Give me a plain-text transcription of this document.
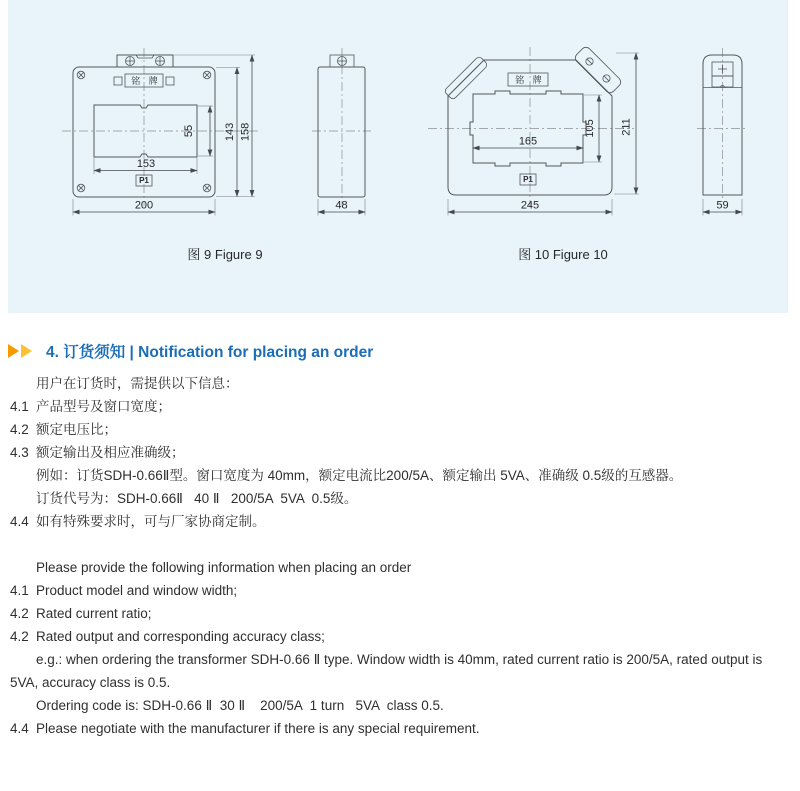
铭 牌
P1
153
55	143 158
200	48
铭 牌
P1
165
105 211
245	59
图 9 Figure 9	图 10 Figure 10
4. 订货须知 | Notification for placing an order
用户在订货时，需提供以下信息：
4.1 产品型号及窗口宽度；
4.2 额定电压比；
4.3 额定输出及相应准确级；
例如：订货SDH-0.66Ⅱ型。窗口宽度为 40mm，额定电流比200/5A、额定输出 5VA、准确级 0.5级的互感器。
订货代号为：SDH-0.66Ⅱ   40 Ⅱ   200/5A  5VA  0.5级。
4.4 如有特殊要求时，可与厂家协商定制。
Please provide the following information when placing an order
4.1 Product model and window width;
4.2 Rated current ratio;
4.2 Rated output and corresponding accuracy class;
e.g.: when ordering the transformer SDH-0.66 Ⅱ type. Window width is 40mm, rated current ratio is 200/5A, rated output is 5VA, accuracy class is 0.5.
Ordering code is: SDH-0.66 Ⅱ  30 Ⅱ    200/5A  1 turn   5VA  class 0.5.
4.4 Please negotiate with the manufacturer if there is any special requirement.
